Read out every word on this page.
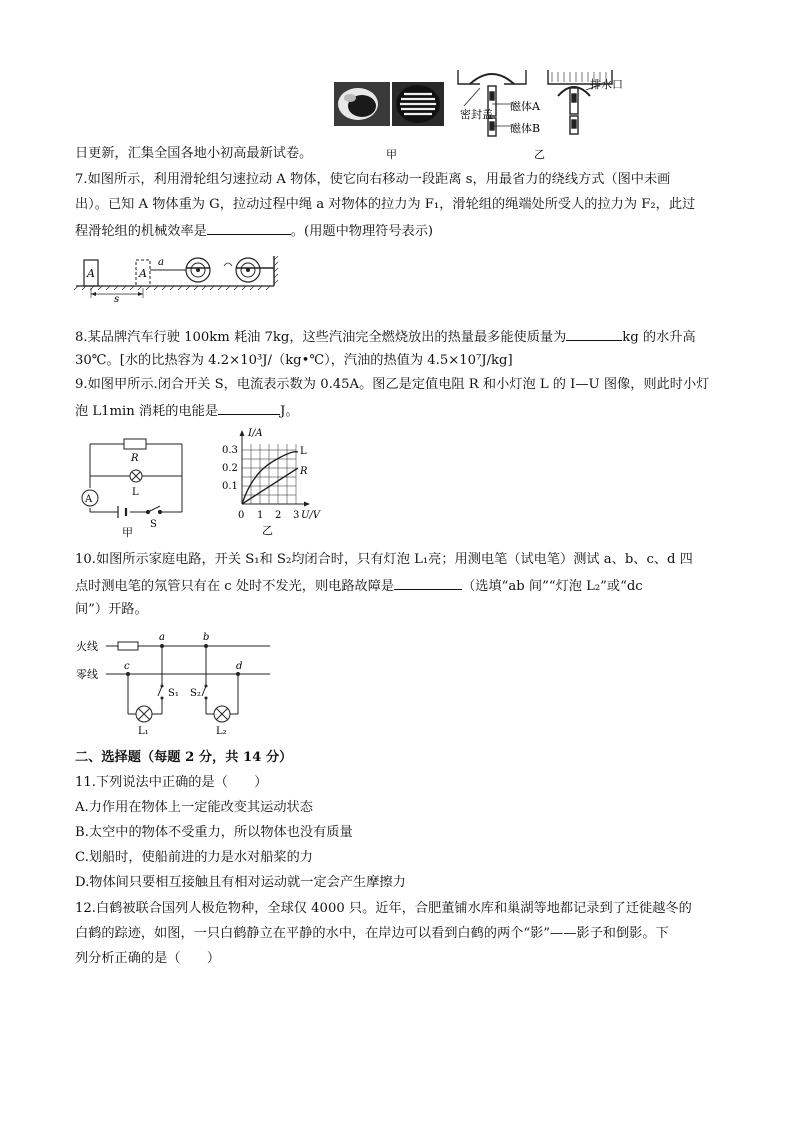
密封盖
磁体A
磁体B
排水口
甲	乙
日更新，汇集全国各地小初高最新试卷。
7.如图所示，利用滑轮组匀速拉动 A 物体，使它向右移动一段距离 s，用最省力的绕线方式（图中未画
出）。已知 A 物体重为 G，拉动过程中绳 a 对物体的拉力为 F₁，滑轮组的绳端处所受人的拉力为 F₂，此过
程滑轮组的机械效率是	。(用题中物理符号表示)
A	A
a
s
8.某品牌汽车行驶 100km 耗油 7kg，这些汽油完全燃烧放出的热量最多能使质量为	kg 的水升高
30℃。[水的比热容为 4.2×10³J/（kg•℃），汽油的热值为 4.5×10⁷J/kg]
9.如图甲所示.闭合开关 S，电流表示数为 0.45A。图乙是定值电阻 R 和小灯泡 L 的 I—U 图像，则此时小灯
泡 L1min 消耗的电能是	J。
R
L
A
S
甲
I/A
0.3
0.2
0.1
0 1 2 3 U/V
L
R
乙
10.如图所示家庭电路，开关 S₁和 S₂均闭合时，只有灯泡 L₁亮；用测电笔（试电笔）测试 a、b、c、d 四
点时测电笔的氖管只有在 c 处时不发光，则电路故障是	（选填“ab 间”“灯泡 L₂”或“dc
间”）开路。
火线
零线
a	b
c	d
S₁ S₂
L₁	L₂
二、选择题（每题 2 分，共 14 分）
11.下列说法中正确的是（　　）
A.力作用在物体上一定能改变其运动状态
B.太空中的物体不受重力，所以物体也没有质量
C.划船时，使船前进的力是水对船桨的力
D.物体间只要相互接触且有相对运动就一定会产生摩擦力
12.白鹤被联合国列人极危物种，全球仅 4000 只。近年，合肥董铺水库和巢湖等地都记录到了迁徙越冬的
白鹤的踪迹，如图，一只白鹤静立在平静的水中，在岸边可以看到白鹤的两个“影”——影子和倒影。下
列分析正确的是（　　）
